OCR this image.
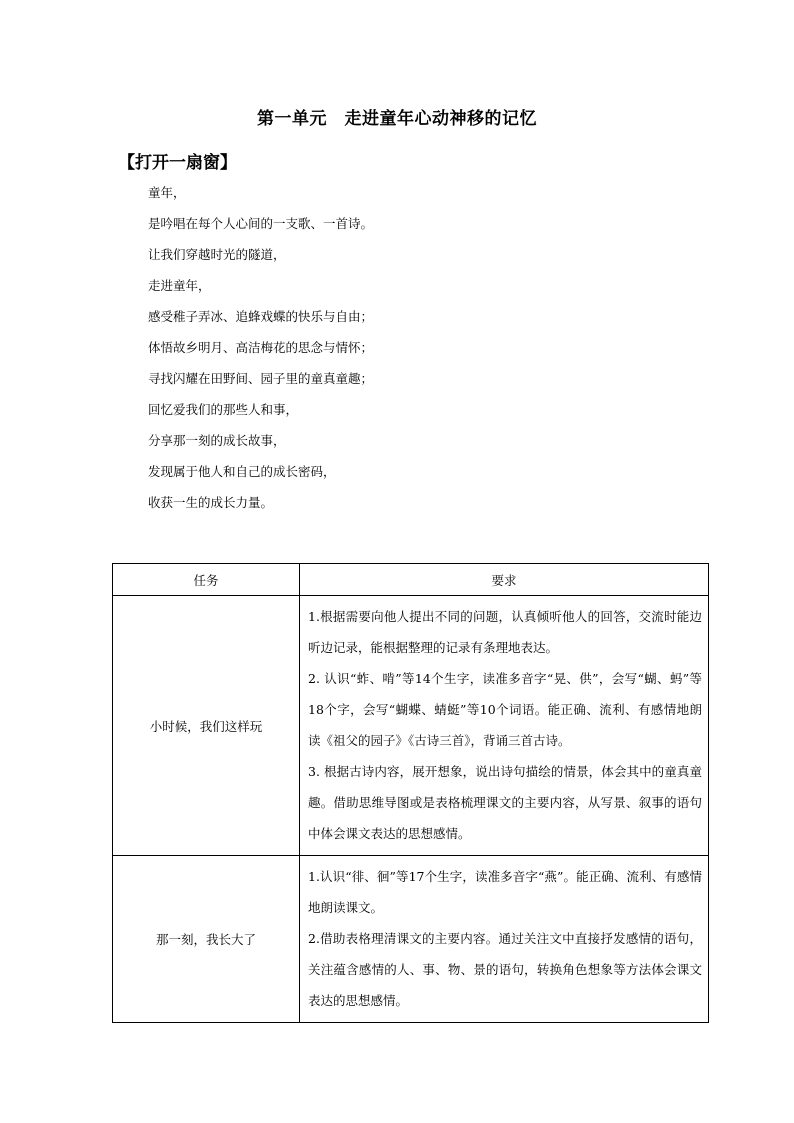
第一单元　走进童年心动神移的记忆
【打开一扇窗】
童年，
是吟唱在每个人心间的一支歌、一首诗。
让我们穿越时光的隧道，
走进童年，
感受稚子弄冰、追蜂戏蝶的快乐与自由；
体悟故乡明月、高洁梅花的思念与情怀；
寻找闪耀在田野间、园子里的童真童趣；
回忆爱我们的那些人和事，
分享那一刻的成长故事，
发现属于他人和自己的成长密码，
收获一生的成长力量。
任务	要求
小时候，我们这样玩	1.根据需要向他人提出不同的问题，认真倾听他人的回答，交流时能边听边记录，能根据整理的记录有条理地表达。

2. 认识“蚱、啃”等14个生字，读准多音字“晃、供”，会写“蝴、蚂”等18个字，会写“蝴蝶、蜻蜓”等10个词语。能正确、流利、有感情地朗读《祖父的园子》《古诗三首》，背诵三首古诗。

3. 根据古诗内容，展开想象，说出诗句描绘的情景，体会其中的童真童趣。借助思维导图或是表格梳理课文的主要内容，从写景、叙事的语句中体会课文表达的思想感情。

那一刻，我长大了	1.认识“徘、徊”等17个生字，读准多音字“燕”。能正确、流利、有感情地朗读课文。

2.借助表格理清课文的主要内容。通过关注文中直接抒发感情的语句，关注蕴含感情的人、事、物、景的语句，转换角色想象等方法体会课文表达的思想感情。
